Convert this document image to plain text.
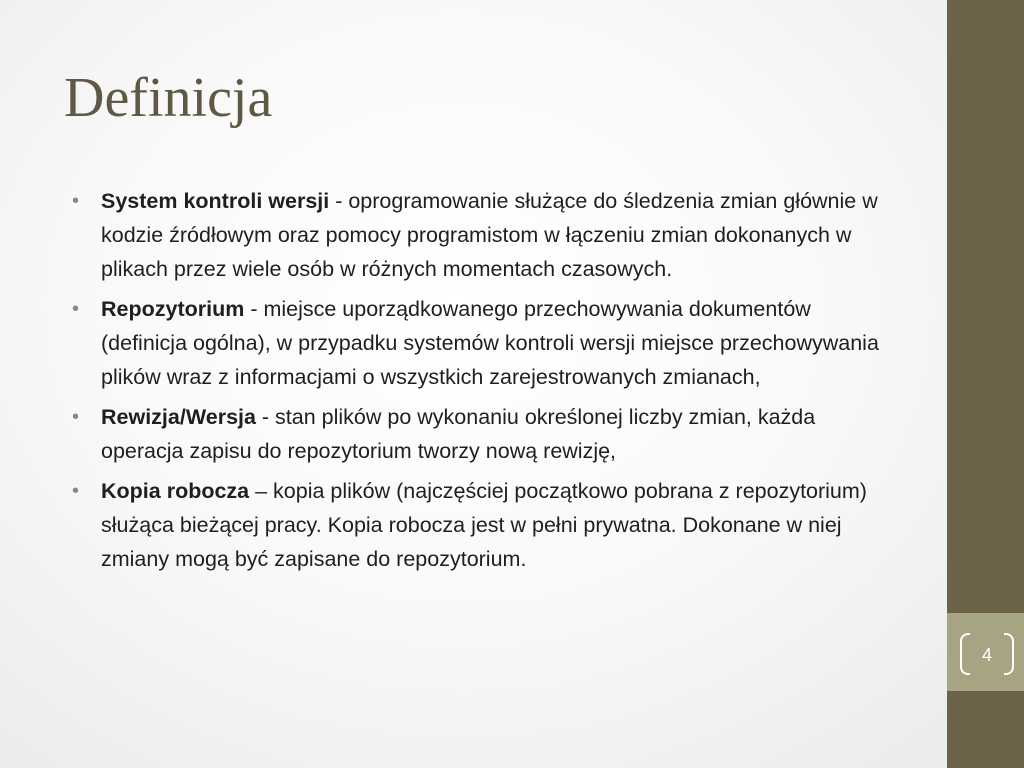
Definicja
• System kontroli wersji - oprogramowanie służące do śledzenia zmian głównie w kodzie źródłowym oraz pomocy programistom w łączeniu zmian dokonanych w plikach przez wiele osób w różnych momentach czasowych.
• Repozytorium - miejsce uporządkowanego przechowywania dokumentów (definicja ogólna), w przypadku systemów kontroli wersji miejsce przechowywania plików wraz z informacjami o wszystkich zarejestrowanych zmianach,
• Rewizja/Wersja - stan plików po wykonaniu określonej liczby zmian, każda operacja zapisu do repozytorium tworzy nową rewizję,
• Kopia robocza – kopia plików (najczęściej początkowo pobrana z repozytorium) służąca bieżącej pracy. Kopia robocza jest w pełni prywatna. Dokonane w niej zmiany mogą być zapisane do repozytorium.
4
